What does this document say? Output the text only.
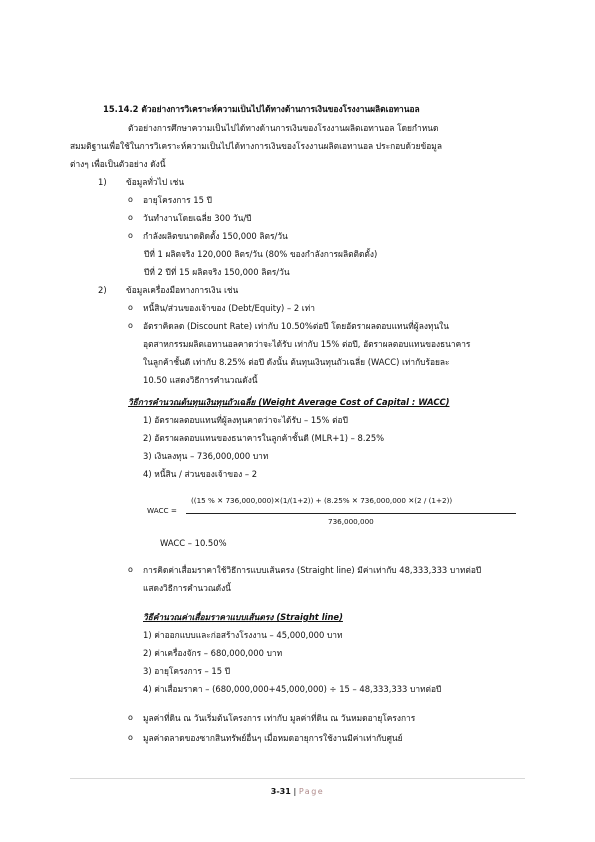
15.14.2 ตัวอย่างการวิเคราะห์ความเป็นไปได้ทางด้านการเงินของโรงงานผลิตเอทานอล
ตัวอย่างการศึกษาความเป็นไปได้ทางด้านการเงินของโรงงานผลิตเอทานอล โดยกำหนด
สมมติฐานเพื่อใช้ในการวิเคราะห์ความเป็นไปได้ทางการเงินของโรงงานผลิตเอทานอล ประกอบด้วยข้อมูล
ต่างๆ เพื่อเป็นตัวอย่าง ดังนี้
1) ข้อมูลทั่วไป เช่น
o อายุโครงการ 15 ปี
o วันทำงานโดยเฉลี่ย 300 วัน/ปี
o กำลังผลิตขนาดติดตั้ง 150,000 ลิตร/วัน
ปีที่ 1 ผลิตจริง 120,000 ลิตร/วัน (80% ของกำลังการผลิตติดตั้ง)
ปีที่ 2 ปีที่ 15 ผลิตจริง 150,000 ลิตร/วัน
2) ข้อมูลเครื่องมือทางการเงิน เช่น
o หนี้สิน/ส่วนของเจ้าของ (Debt/Equity) – 2 เท่า
o อัตราคิดลด (Discount Rate) เท่ากับ 10.50%ต่อปี โดยอัตราผลตอบแทนที่ผู้ลงทุนใน
อุตสาหกรรมผลิตเอทานอลคาดว่าจะได้รับ เท่ากับ 15% ต่อปี, อัตราผลตอบแทนของธนาคาร
ในลูกค้าชั้นดี เท่ากับ 8.25% ต่อปี ดังนั้น ต้นทุนเงินทุนถัวเฉลี่ย (WACC) เท่ากับร้อยละ
10.50 แสดงวิธีการคำนวณดังนี้
วิธีการคำนวณต้นทุนเงินทุนถัวเฉลี่ย (Weight Average Cost of Capital : WACC)
1) อัตราผลตอบแทนที่ผู้ลงทุนคาดว่าจะได้รับ – 15% ต่อปี
2) อัตราผลตอบแทนของธนาคารในลูกค้าชั้นดี (MLR+1) – 8.25%
3) เงินลงทุน – 736,000,000 บาท
4) หนี้สิน / ส่วนของเจ้าของ – 2
WACC =
((15 % ✕ 736,000,000)✕(1/(1+2)) + (8.25% ✕ 736,000,000 ✕(2 / (1+2))
736,000,000
WACC – 10.50%
o การคิดค่าเสื่อมราคาใช้วิธีการแบบเส้นตรง (Straight line) มีค่าเท่ากับ 48,333,333 บาทต่อปี
แสดงวิธีการคำนวณดังนี้
วิธีคำนวณค่าเสื่อมราคาแบบเส้นตรง (Straight line)
1) ค่าออกแบบและก่อสร้างโรงงาน – 45,000,000 บาท
2) ค่าเครื่องจักร – 680,000,000 บาท
3) อายุโครงการ – 15 ปี
4) ค่าเสื่อมราคา – (680,000,000+45,000,000) ÷ 15 – 48,333,333 บาทต่อปี
o มูลค่าที่ดิน ณ วันเริ่มต้นโครงการ เท่ากับ มูลค่าที่ดิน ณ วันหมดอายุโครงการ
o มูลค่าตลาดของซากสินทรัพย์อื่นๆ เมื่อหมดอายุการใช้งานมีค่าเท่ากับศูนย์
3-31 | Page
